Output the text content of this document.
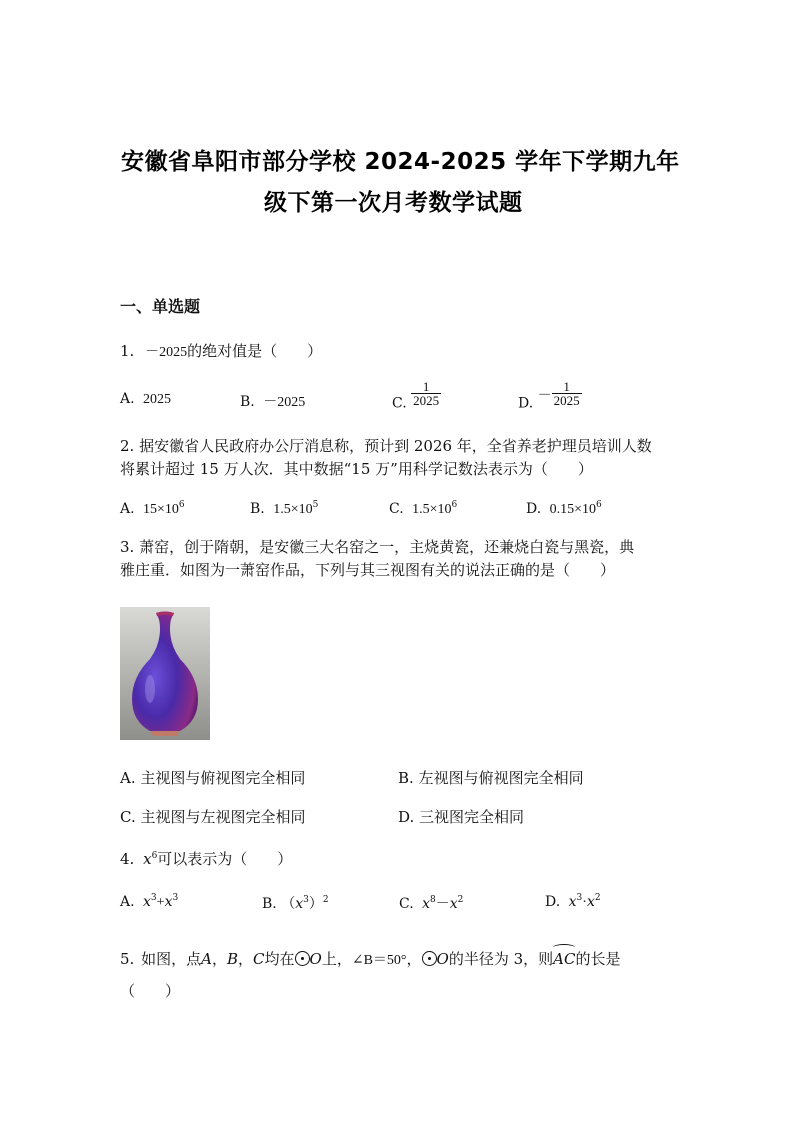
安徽省阜阳市部分学校 2024-2025 学年下学期九年
级下第一次月考数学试题
一、单选题
1. －2025的绝对值是（　　）
A. 2025	B. －2025	C. $\frac{1}{2025}$	D. － $\frac{1}{2025}$
2. 据安徽省人民政府办公厅消息称，预计到 2026 年，全省养老护理员培训人数
将累计超过 15 万人次．其中数据“15 万”用科学记数法表示为（　　）
A. $15\times 10^6$	B. $1.5\times 10^5$	C. $1.5\times 10^6$	D. $0.15\times 10^6$
3. 萧窑，创于隋朝，是安徽三大名窑之一，主烧黄瓷，还兼烧白瓷与黑瓷，典
雅庄重．如图为一萧窑作品，下列与其三视图有关的说法正确的是（　　）
A. 主视图与俯视图完全相同	B. 左视图与俯视图完全相同
C. 主视图与左视图完全相同	D. 三视图完全相同
4. $x^6$可以表示为（　　）
A. $x^3+x^3$	B. $(x^3)^2$	C. $x^8-x^2$	D. $x^3\cdot x^2$
5. 如图，点A，B，C均在 O上，∠B＝50°， O的半径为 3，则AC的长是
（　　）
